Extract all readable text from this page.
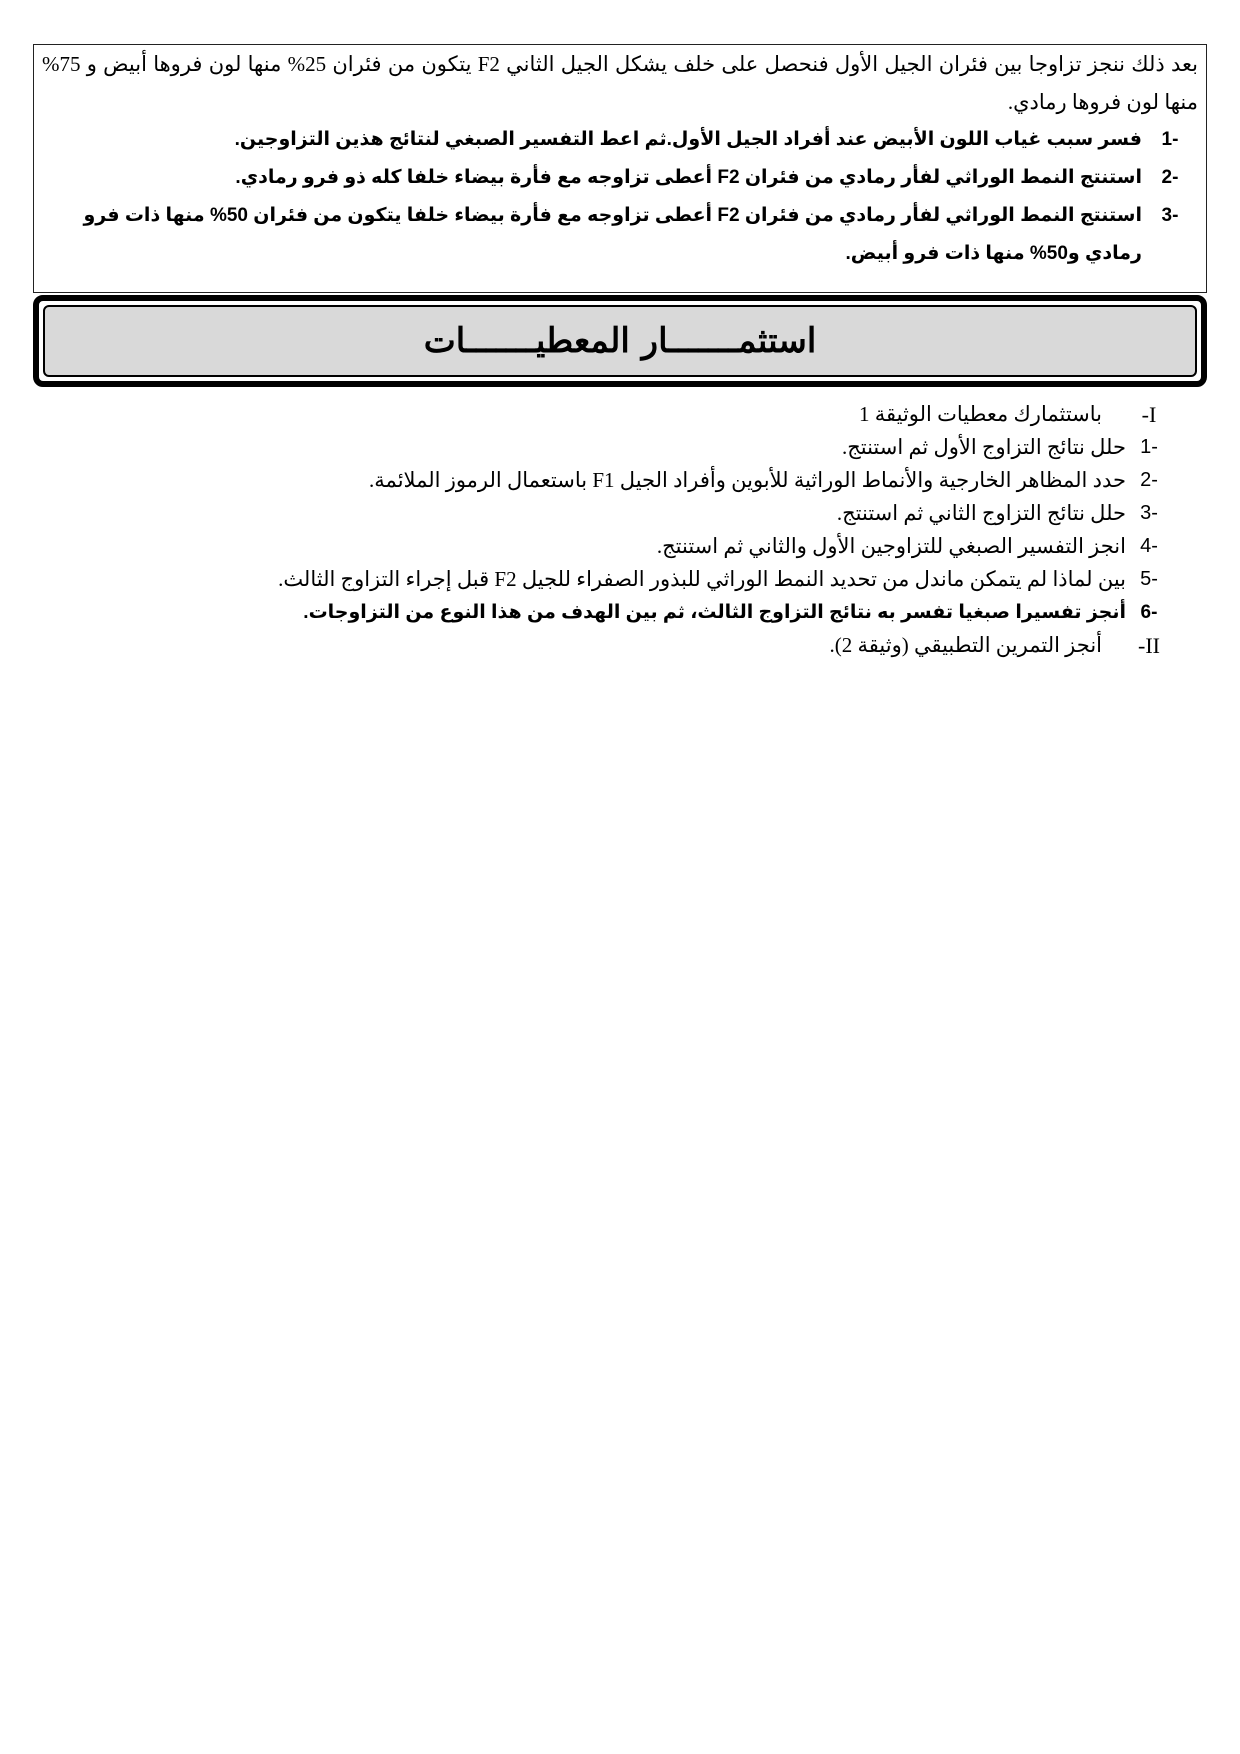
بعد ذلك ننجز تزاوجا بين فئران الجيل الأول فنحصل على خلف يشكل الجيل الثاني F2 يتكون من فئران 25% منها لون فروها أبيض و 75% منها لون فروها رمادي.
-1
فسر سبب غياب اللون الأبيض عند أفراد الجيل الأول.ثم اعط التفسير الصبغي لنتائج هذين التزاوجين.
-2
استنتج النمط الوراثي لفأر رمادي من فئران F2 أعطى تزاوجه مع فأرة بيضاء خلفا كله ذو فرو رمادي.
-3
استنتج النمط الوراثي لفأر رمادي من فئران F2 أعطى تزاوجه مع فأرة بيضاء خلفا يتكون من فئران 50% منها ذات فرو رمادي و50% منها ذات فرو أبيض.
استثمـــــــار المعطيـــــــات
I-
باستثمارك معطيات الوثيقة 1
-1
حلل نتائج التزاوج الأول ثم استنتج.
-2
حدد المظاهر الخارجية والأنماط الوراثية للأبوين وأفراد الجيل F1 باستعمال الرموز الملائمة.
-3
حلل نتائج التزاوج الثاني ثم استنتج.
-4
انجز التفسير الصبغي للتزاوجين الأول والثاني ثم استنتج.
-5
بين لماذا لم يتمكن ماندل من تحديد النمط الوراثي للبذور الصفراء للجيل F2 قبل إجراء التزاوج الثالث.
-6
أنجز تفسيرا صبغيا تفسر به نتائج التزاوج الثالث، ثم بين الهدف من هذا النوع من التزاوجات.
II-
أنجز التمرين التطبيقي (وثيقة 2).
